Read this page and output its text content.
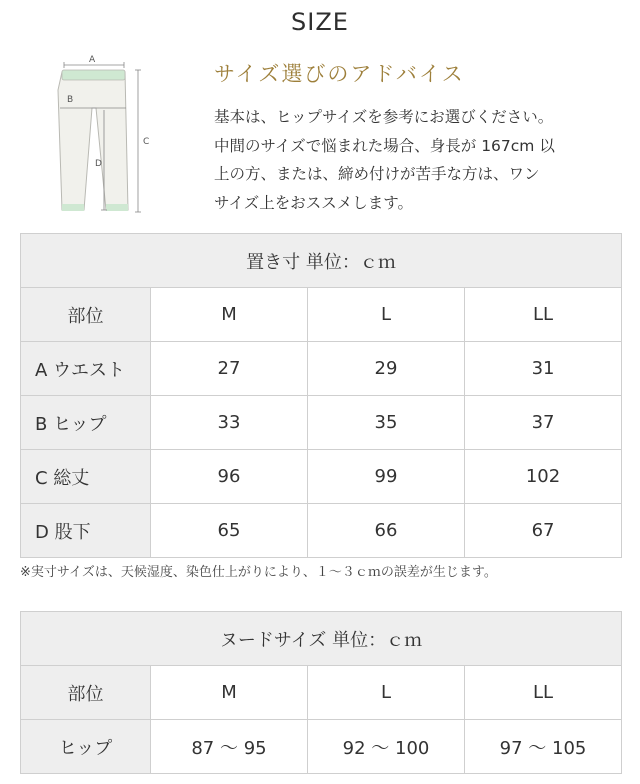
SIZE
A
B
C
D
サイズ選びのアドバイス
基本は、ヒップサイズを参考にお選びください。
中間のサイズで悩まれた場合、身長が 167cm 以
上の方、または、締め付けが苦手な方は、ワン
サイズ上をおススメします。
置き寸 単位：ｃｍ			
部位	M	L	LL
A ウエスト	27	29	31
B ヒップ	33	35	37
C 総丈	96	99	102
D 股下	65	66	67
※実寸サイズは、天候湿度、染色仕上がりにより、１～３ｃｍの誤差が生じます。
ヌードサイズ 単位：ｃｍ			
部位	M	L	LL
ヒップ	87 〜 95	92 〜 100	97 〜 105
